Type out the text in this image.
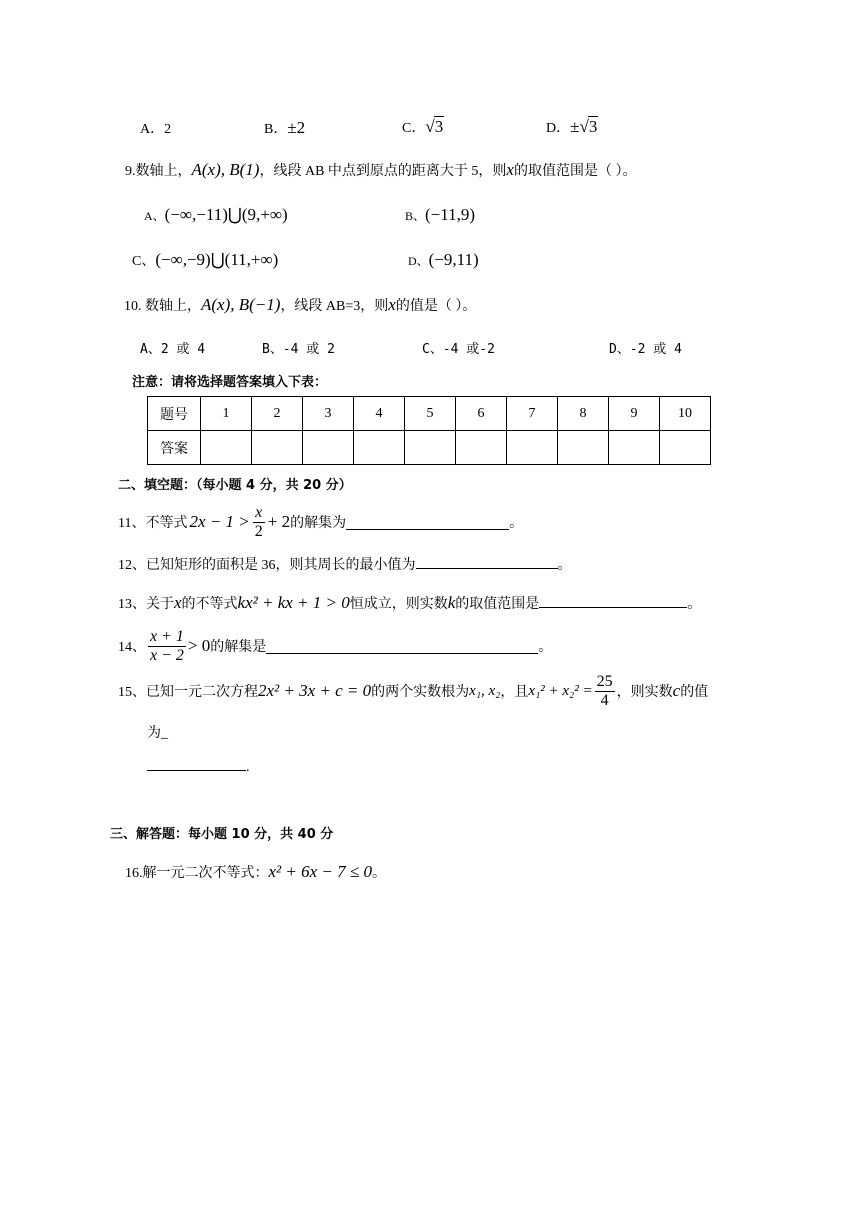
A．2	B．±2	C．√3	D．±√3
9.数轴上，A(x), B(1)，线段 AB 中点到原点的距离大于 5，则x的取值范围是（ ）。
A、(−∞,−11)⋃(9,+∞)	B、(−11,9)
C、(−∞,−9)⋃(11,+∞)	D、(−9,11)
10. 数轴上，A(x), B(−1)，线段 AB=3，则x的值是（ ）。
A、2 或 4	B、-4 或 2	C、-4 或-2	D、-2 或 4
注意：请将选择题答案填入下表：
题号	1	2	3	4	5	6	7	8	9	10
答案										
二、填空题：（每小题 4 分，共 20 分）
11、不等式 $2x - 1 > \frac{x}{2} + 2$ 的解集为	。
12、已知矩形的面积是 36，则其周长的最小值为	。
13、关于x的不等式kx² + kx + 1 > 0恒成立，则实数k的取值范围是	。
14、 $\frac{x + 1}{x - 2} > 0$ 的解集是	。
15、已知一元二次方程 2x² + 3x + c = 0 的两个实数根为 x₁, x₂ ，且 $x_1^2 + x_2^2 = \frac{25}{4}$ ，则实数 c 的值
为_
.
三、解答题：每小题 10 分，共 40 分
16.解一元二次不等式：x² + 6x − 7 ≤ 0。
